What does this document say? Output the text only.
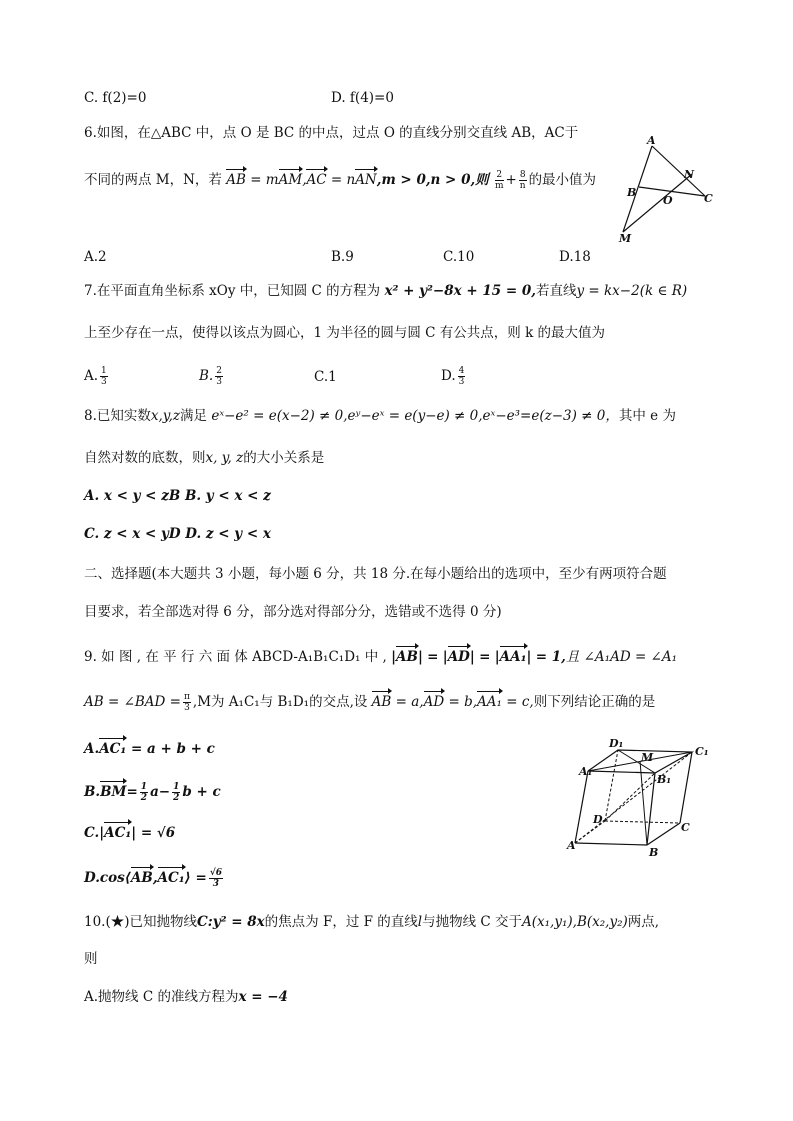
C. f(2)=0	D. f(4)=0
6.如图，在△ABC 中，点 O 是 BC 的中点，过点 O 的直线分别交直线 AB，AC于
不同的两点 M，N，若 AB = mAM,AC = nAN,m > 0,n > 0,则 $\frac{2}{m} + \frac{8}{n}$ 的最小值为
A
B
O	C
N
M
A.2	B.9	C.10	D.18
7.在平面直角坐标系 xOy 中，已知圆 C 的方程为 x² + y²−8x + 15 = 0,若直线y = kx−2(k ∈ R)
上至少存在一点，使得以该点为圆心，1 为半径的圆与圆 C 有公共点，则 k 的最大值为
A. $\frac{1}{3}$	B. $\frac{2}{3}$	C.1	D. $\frac{4}{3}$
8.已知实数x,y,z满足 eˣ−e² = e(x−2) ≠ 0,eʸ−eˣ = e(y−e) ≠ 0,eˣ−e³=e(z−3) ≠ 0，其中 e 为
自然对数的底数，则x, y, z的大小关系是
A. x < y < zB B. y < x < z
C. z < x < yD D. z < y < x
二、选择题(本大题共 3 小题，每小题 6 分，共 18 分.在每小题给出的选项中，至少有两项符合题
目要求，若全部选对得 6 分，部分选对得部分分，选错或不选得 0 分)
9. 如 图 , 在 平 行 六 面 体 ABCD-A₁B₁C₁D₁ 中 , |AB| = |AD| = |AA₁| = 1,且 ∠A₁AD = ∠A₁
AB = ∠BAD = $\frac{\pi}{3} ,M$为 A₁C₁与 B₁D₁的交点,设 AB = a,AD = b,AA₁ = c,则下列结论正确的是
A.AC₁ = a + b + c
$B.BM= \frac{1}{2} a- \frac{1}{2}$ b + c
C.|AC₁| = √6
D.cos⟨AB,AC₁⟩ = $\frac{√6}{3}$
D₁
M	C₁
A₁
B₁
D
C
A
B
10.(★)已知抛物线C:y² = 8x的焦点为 F，过 F 的直线l与抛物线 C 交于A(x₁,y₁),B(x₂,y₂)两点,
则
A.抛物线 C 的准线方程为x = −4
